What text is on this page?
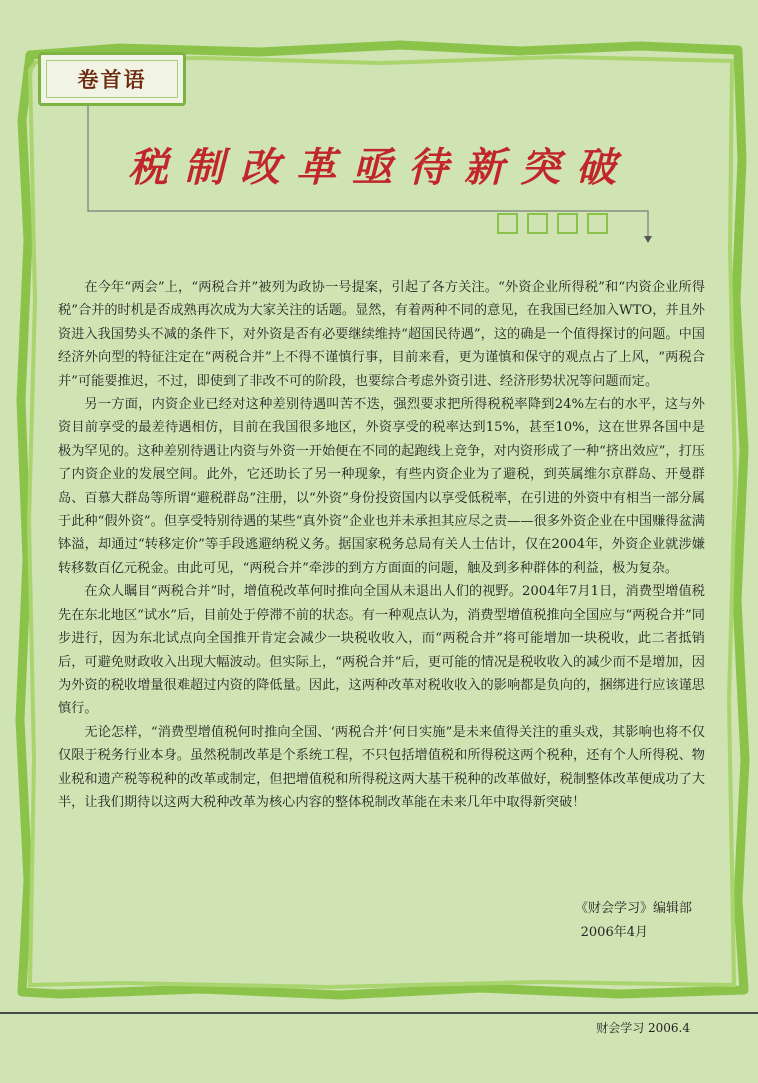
卷首语
税制改革亟待新突破

在今年“两会”上，“两税合并”被列为政协一号提案，引起了各方关注。“外资企业所得税”和“内资企业所得税”合并的时机是否成熟再次成为大家关注的话题。显然，有着两种不同的意见，在我国已经加入WTO，并且外资进入我国势头不减的条件下，对外资是否有必要继续维持“超国民待遇”，这的确是一个值得探讨的问题。中国经济外向型的特征注定在“两税合并”上不得不谨慎行事，目前来看，更为谨慎和保守的观点占了上风，“两税合并”可能要推迟，不过，即使到了非改不可的阶段，也要综合考虑外资引进、经济形势状况等问题而定。

另一方面，内资企业已经对这种差别待遇叫苦不迭，强烈要求把所得税税率降到24%左右的水平，这与外资目前享受的最差待遇相仿，目前在我国很多地区，外资享受的税率达到15%，甚至10%，这在世界各国中是极为罕见的。这种差别待遇让内资与外资一开始便在不同的起跑线上竞争，对内资形成了一种“挤出效应”，打压了内资企业的发展空间。此外，它还助长了另一种现象，有些内资企业为了避税，到英属维尔京群岛、开曼群岛、百慕大群岛等所谓“避税群岛”注册，以“外资”身份投资国内以享受低税率，在引进的外资中有相当一部分属于此种“假外资”。但享受特别待遇的某些“真外资”企业也并未承担其应尽之责——很多外资企业在中国赚得盆满钵溢，却通过“转移定价”等手段逃避纳税义务。据国家税务总局有关人士估计，仅在2004年，外资企业就涉嫌转移数百亿元税金。由此可见，“两税合并”牵涉的到方方面面的问题，触及到多种群体的利益，极为复杂。

在众人瞩目“两税合并”时，增值税改革何时推向全国从未退出人们的视野。2004年7月1日，消费型增值税先在东北地区“试水”后，目前处于停滞不前的状态。有一种观点认为，消费型增值税推向全国应与“两税合并”同步进行，因为东北试点向全国推开肯定会减少一块税收收入，而“两税合并”将可能增加一块税收，此二者抵销后，可避免财政收入出现大幅波动。但实际上，“两税合并”后，更可能的情况是税收收入的减少而不是增加，因为外资的税收增量很难超过内资的降低量。因此，这两种改革对税收收入的影响都是负向的，捆绑进行应该谨思慎行。

无论怎样，“消费型增值税何时推向全国、‘两税合并’何日实施”是未来值得关注的重头戏，其影响也将不仅仅限于税务行业本身。虽然税制改革是个系统工程，不只包括增值税和所得税这两个税种，还有个人所得税、物业税和遗产税等税种的改革或制定，但把增值税和所得税这两大基干税种的改革做好，税制整体改革便成功了大半，让我们期待以这两大税种改革为核心内容的整体税制改革能在未来几年中取得新突破！

《财会学习》编辑部
2006年4月
财会学习 2006.4
